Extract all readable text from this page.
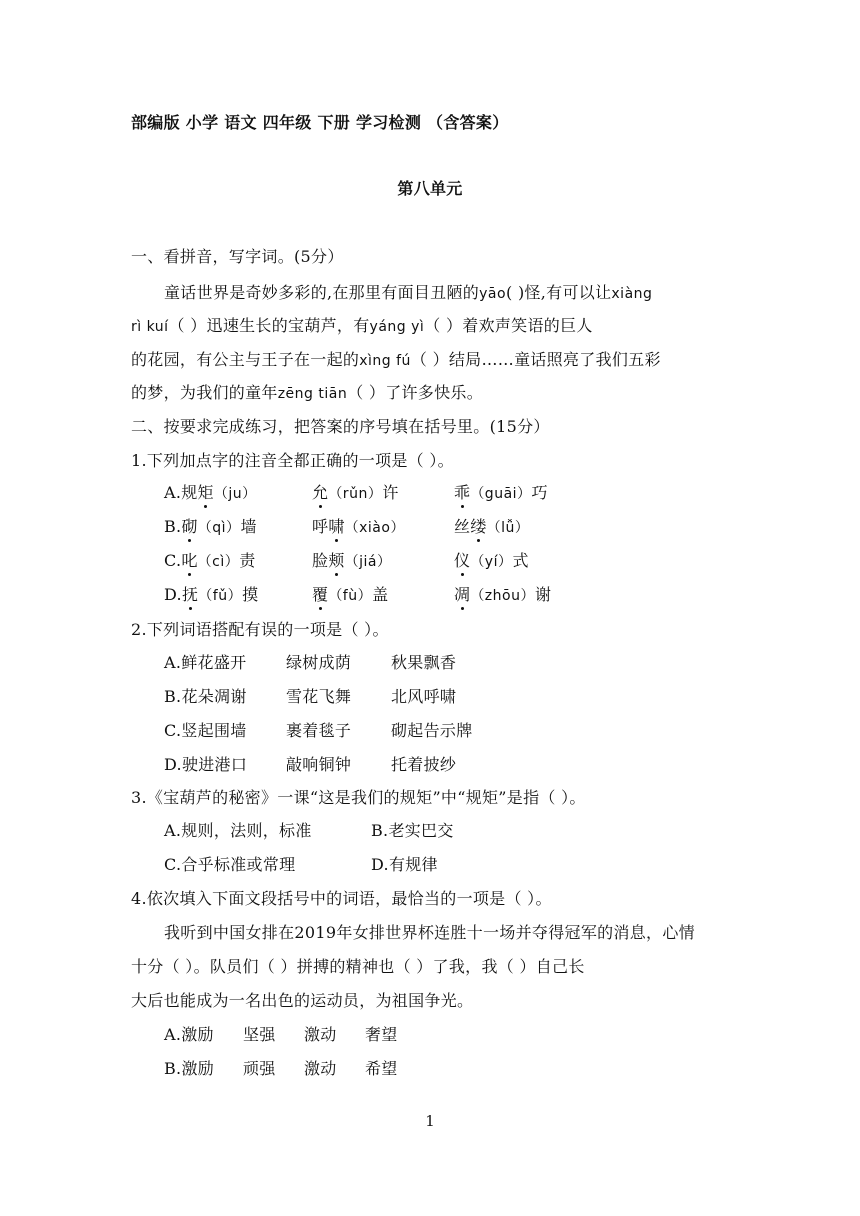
部编版 小学 语文 四年级 下册 学习检测 （含答案）
第八单元
一、看拼音，写字词。(5分）
童话世界是奇妙多彩的,在那里有面目丑陋的yāo( )怪,有可以让xiàng
rì kuí（ ）迅速生长的宝葫芦，有yáng yì（ ）着欢声笑语的巨人
的花园，有公主与王子在一起的xìng fú（ ）结局……童话照亮了我们五彩
的梦，为我们的童年zēng tiān（ ）了许多快乐。
二、按要求完成练习，把答案的序号填在括号里。(15分）
1.下列加点字的注音全都正确的一项是（ ）。
A.规矩（ju）	允（rǔn）许	乖（guāi）巧
B.砌（qì）墙	呼啸（xiào）	丝缕（lǚ）
C.叱（cì）责	脸颊（jiá）	仪（yí）式
D.抚（fǔ）摸	覆（fù）盖	凋（zhōu）谢
2.下列词语搭配有误的一项是（ ）。
A.鲜花盛开 绿树成荫 秋果飘香
B.花朵凋谢 雪花飞舞 北风呼啸
C.竖起围墙 裹着毯子 砌起告示牌
D.驶进港口 敲响铜钟 托着披纱
3.《宝葫芦的秘密》一课“这是我们的规矩”中“规矩”是指（ ）。
A.规则，法则，标准	B.老实巴交
C.合乎标准或常理	D.有规律
4.依次填入下面文段括号中的词语，最恰当的一项是（ ）。
我听到中国女排在2019年女排世界杯连胜十一场并夺得冠军的消息，心情
十分（ ）。队员们（ ）拼搏的精神也（ ）了我，我（ ）自己长
大后也能成为一名出色的运动员，为祖国争光。
A.激励 坚强 激动 奢望
B.激励 顽强 激动 希望
1
